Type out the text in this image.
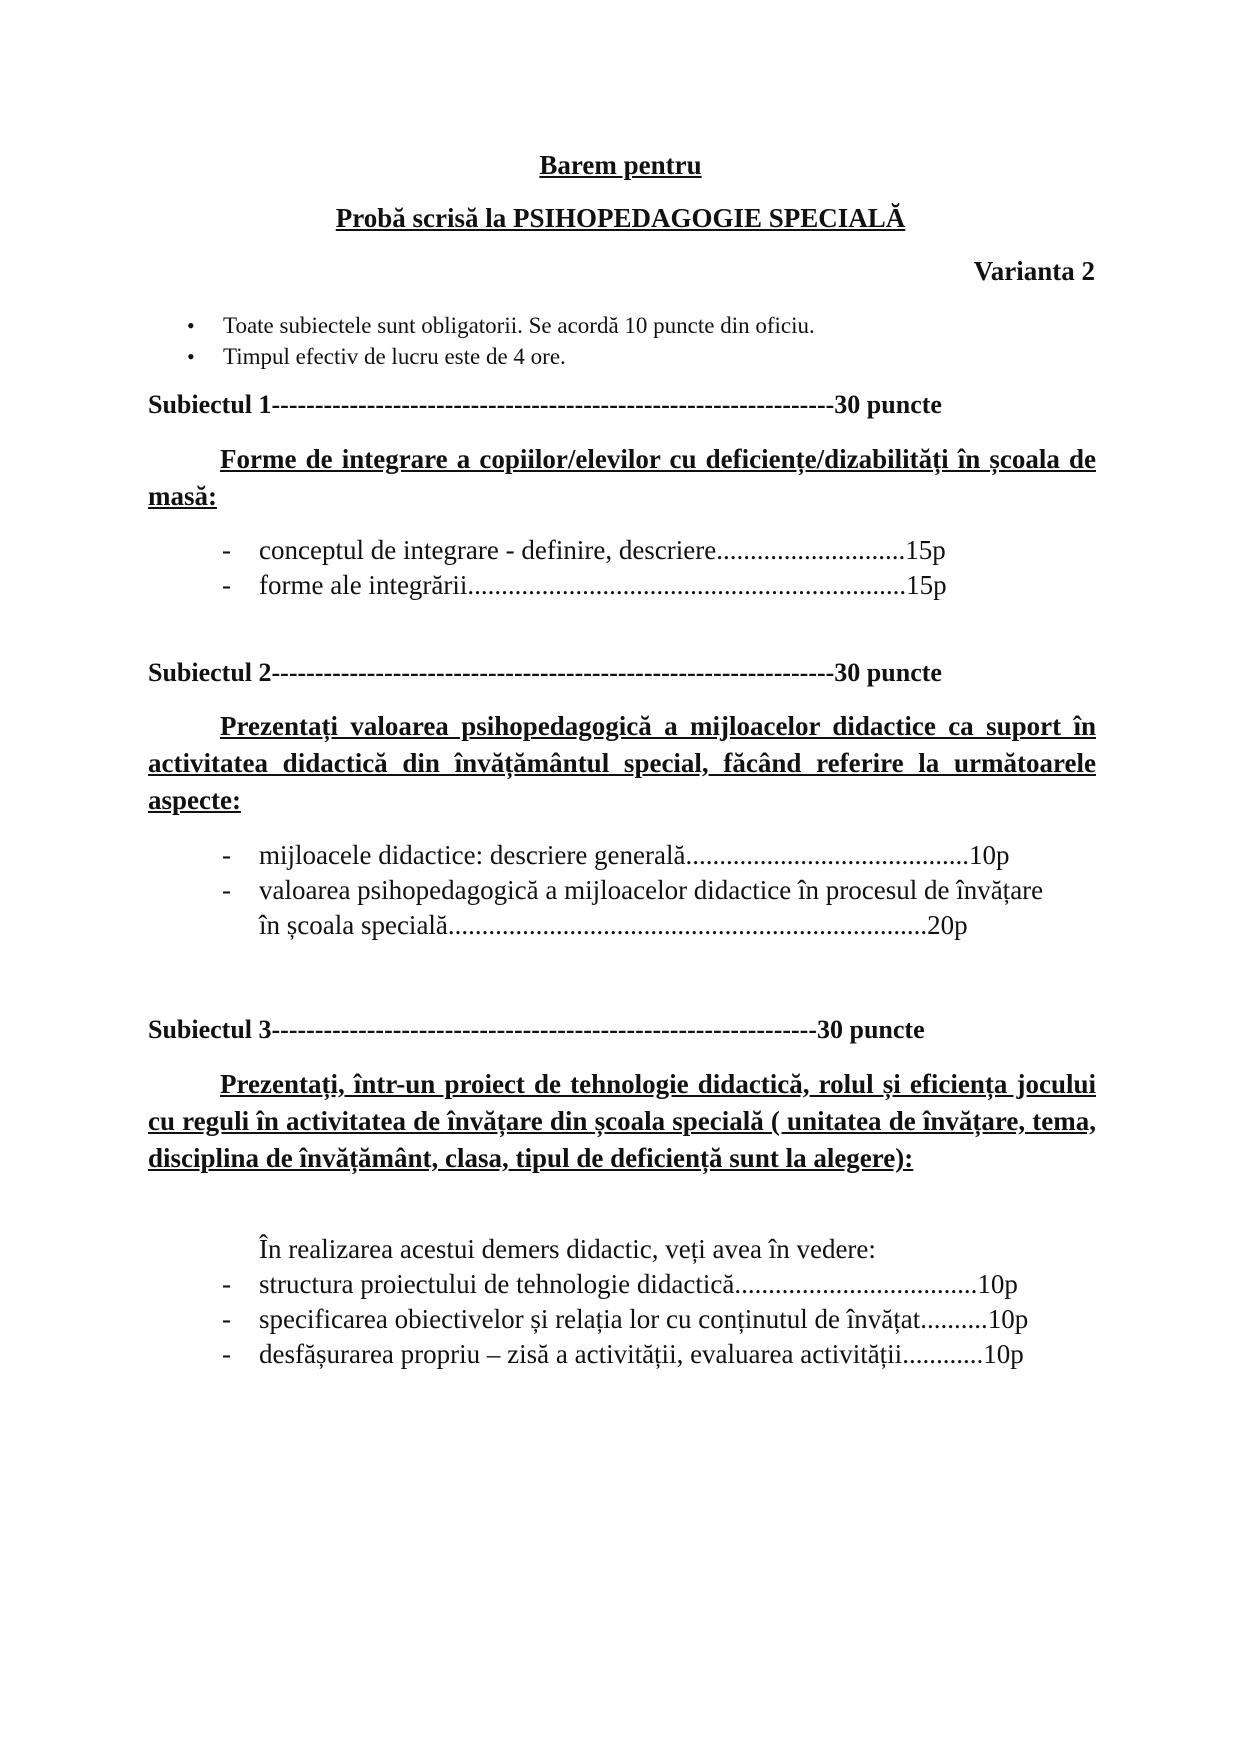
Barem pentru
Probă scrisă la PSIHOPEDAGOGIE SPECIALĂ
Varianta 2
• Toate subiectele sunt obligatorii. Se acordă 10 puncte din oficiu.
• Timpul efectiv de lucru este de 4 ore.
Subiectul 1-----------------------------------------------------------------30 puncte
Forme de integrare a copiilor/elevilor cu deficiențe/dizabilități în școala de masă:
- conceptul de integrare - definire, descriere............................15p
- forme ale integrării.................................................................15p
Subiectul 2-----------------------------------------------------------------30 puncte
Prezentați valoarea psihopedagogică a mijloacelor didactice ca suport în activitatea didactică din învățământul special, făcând referire la următoarele aspecte:
- mijloacele didactice: descriere generală..........................................10p
- valoarea psihopedagogică a mijloacelor didactice în procesul de învățare
în școala specială.......................................................................20p
Subiectul 3---------------------------------------------------------------30 puncte
Prezentați, într-un proiect de tehnologie didactică, rolul și eficiența jocului cu reguli în activitatea de învățare din școala specială ( unitatea de învățare, tema, disciplina de învățământ, clasa, tipul de deficiență sunt la alegere):
În realizarea acestui demers didactic, veți avea în vedere:
- structura proiectului de tehnologie didactică....................................10p
- specificarea obiectivelor și relația lor cu conținutul de învățat..........10p
- desfășurarea propriu – zisă a activității, evaluarea activității............10p
